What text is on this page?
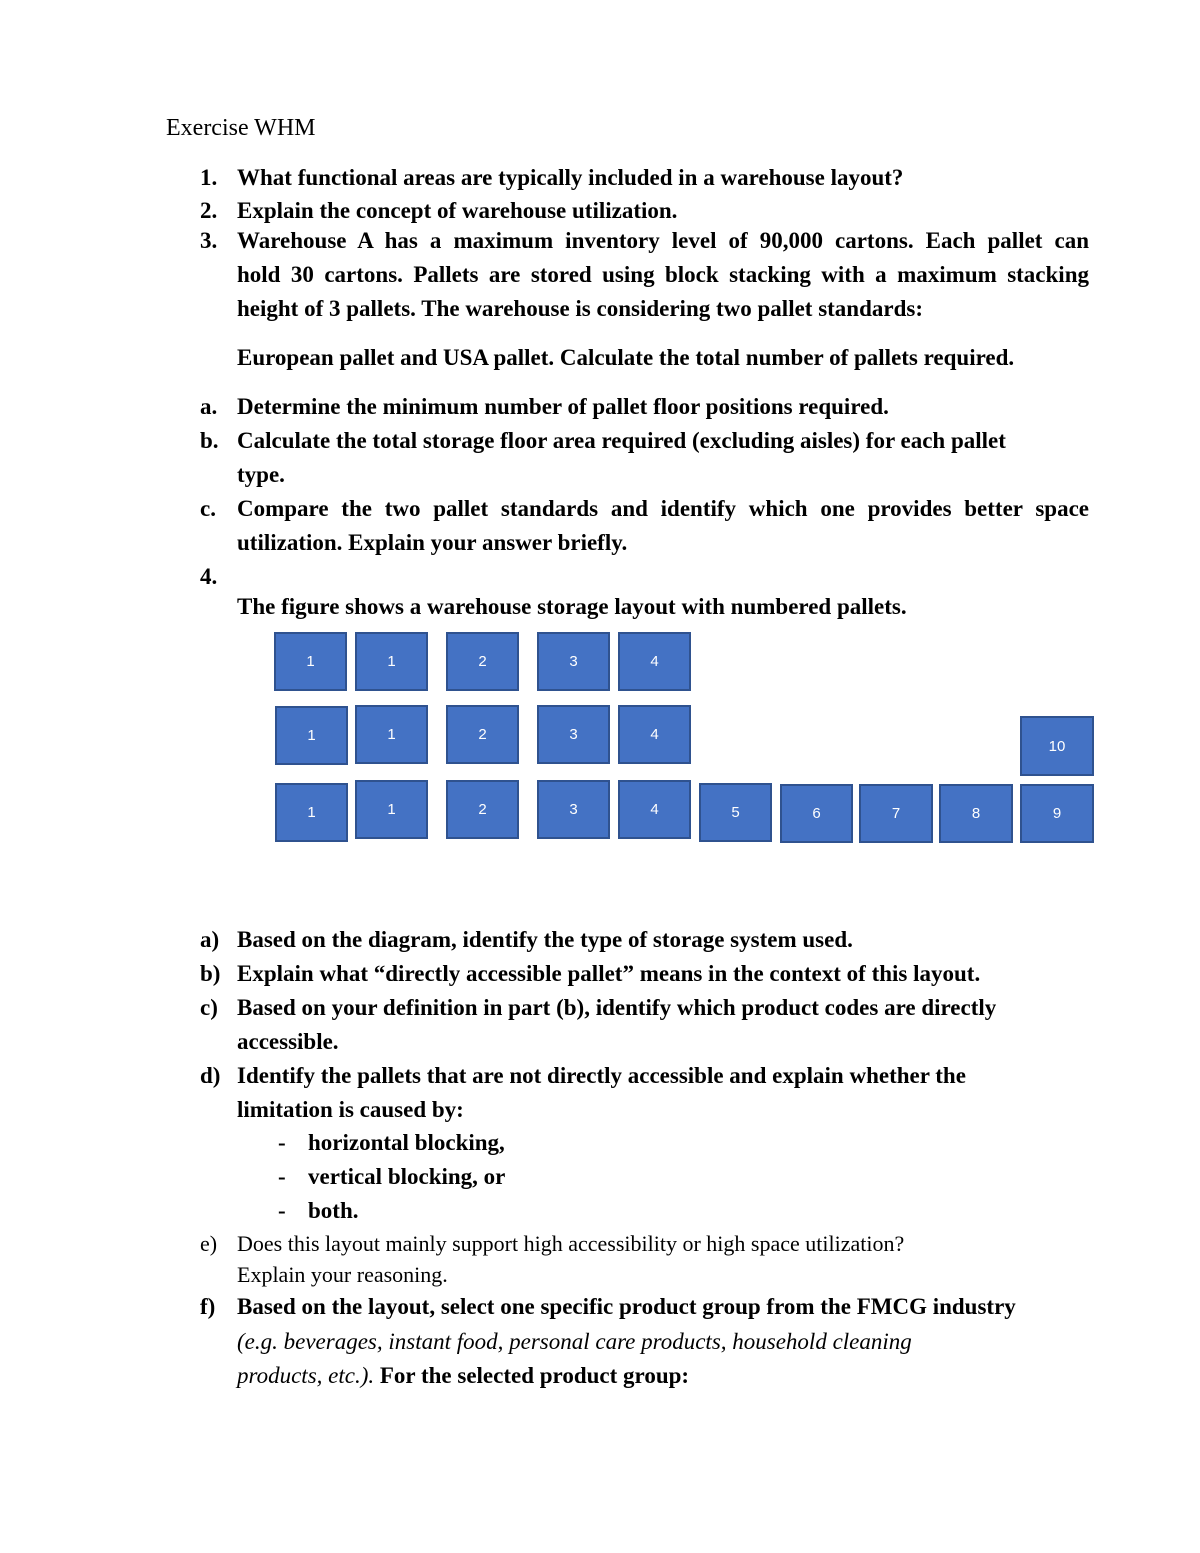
Exercise WHM
1. What functional areas are typically included in a warehouse layout?
2. Explain the concept of warehouse utilization.
3. Warehouse A has a maximum inventory level of 90,000 cartons. Each pallet can
hold 30 cartons. Pallets are stored using block stacking with a maximum stacking
height of 3 pallets. The warehouse is considering two pallet standards:
European pallet and USA pallet. Calculate the total number of pallets required.
a. Determine the minimum number of pallet floor positions required.
b. Calculate the total storage floor area required (excluding aisles) for each pallet
type.
c. Compare the two pallet standards and identify which one provides better space
utilization. Explain your answer briefly.
4.
The figure shows a warehouse storage layout with numbered pallets.
1	1	2	3	4
1	1	2	3	4
10
1	1	2	3	4	5	6	7	8	9
a) Based on the diagram, identify the type of storage system used.
b) Explain what “directly accessible pallet” means in the context of this layout.
c) Based on your definition in part (b), identify which product codes are directly
accessible.
d) Identify the pallets that are not directly accessible and explain whether the
limitation is caused by:
- horizontal blocking,
- vertical blocking, or
- both.
e) Does this layout mainly support high accessibility or high space utilization?
Explain your reasoning.
f) Based on the layout, select one specific product group from the FMCG industry
(e.g. beverages, instant food, personal care products, household cleaning
products, etc.). For the selected product group:
